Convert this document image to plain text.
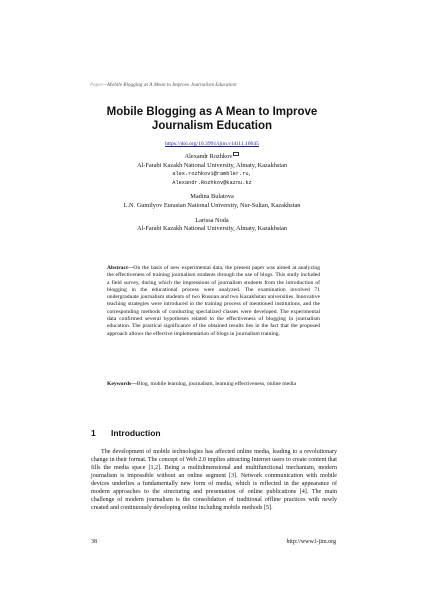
Paper—Mobile Blogging as A Mean to Improve Journalism Education
Mobile Blogging as A Mean to Improve Journalism Education
https://doi.org/10.3991/ijim.v14i11.10645
Alexandr Rozhkov
Al-Farabi Kazakh National University, Almaty, Kazakhstan
alex.rozhkov1@rambler.ru,
Alexandr.Rozhkov@kaznu.kz
Madina Bulatova
L.N. Gumilyov Eurasian National University, Nur-Sultan, Kazakhstan
Larissa Noda
Al-Farabi Kazakh National University, Almaty, Kazakhstan
Abstract—On the basis of new experimental data, the present paper was aimed at analyzing the effectiveness of training journalism students through the use of blogs. This study included a field survey, during which the impressions of journalism students from the introduction of blogging in the educational process were analyzed. The examination involved 71 undergraduate journalism students of two Russian and two Kazakhstan universities. Innovative teaching strategies were introduced in the training process of mentioned institutions, and the corresponding methods of conducting specialized classes were developed. The experimental data confirmed several hypotheses related to the effectiveness of blogging in journalism education. The practical significance of the obtained results lies in the fact that the proposed approach allows the effective implementation of blogs in journalism training.
Keywords—Blog, mobile learning, journalism, learning effectiveness, online media
1 Introduction
The development of mobile technologies has affected online media, leading to a revolutionary change in their format. The concept of Web 2.0 implies attracting Internet users to create content that fills the media space [1,2]. Being a multidimensional and multifunctional mechanism, modern journalism is impossible without an online segment [3]. Network communication with mobile devices underlies a fundamentally new form of media, which is reflected in the appearance of modern approaches to the structuring and presentation of online publications [4]. The main challenge of modern journalism is the consolidation of traditional offline practices with newly created and continuously developing online including mobile methods [5].
38	http://www.i-jim.org
